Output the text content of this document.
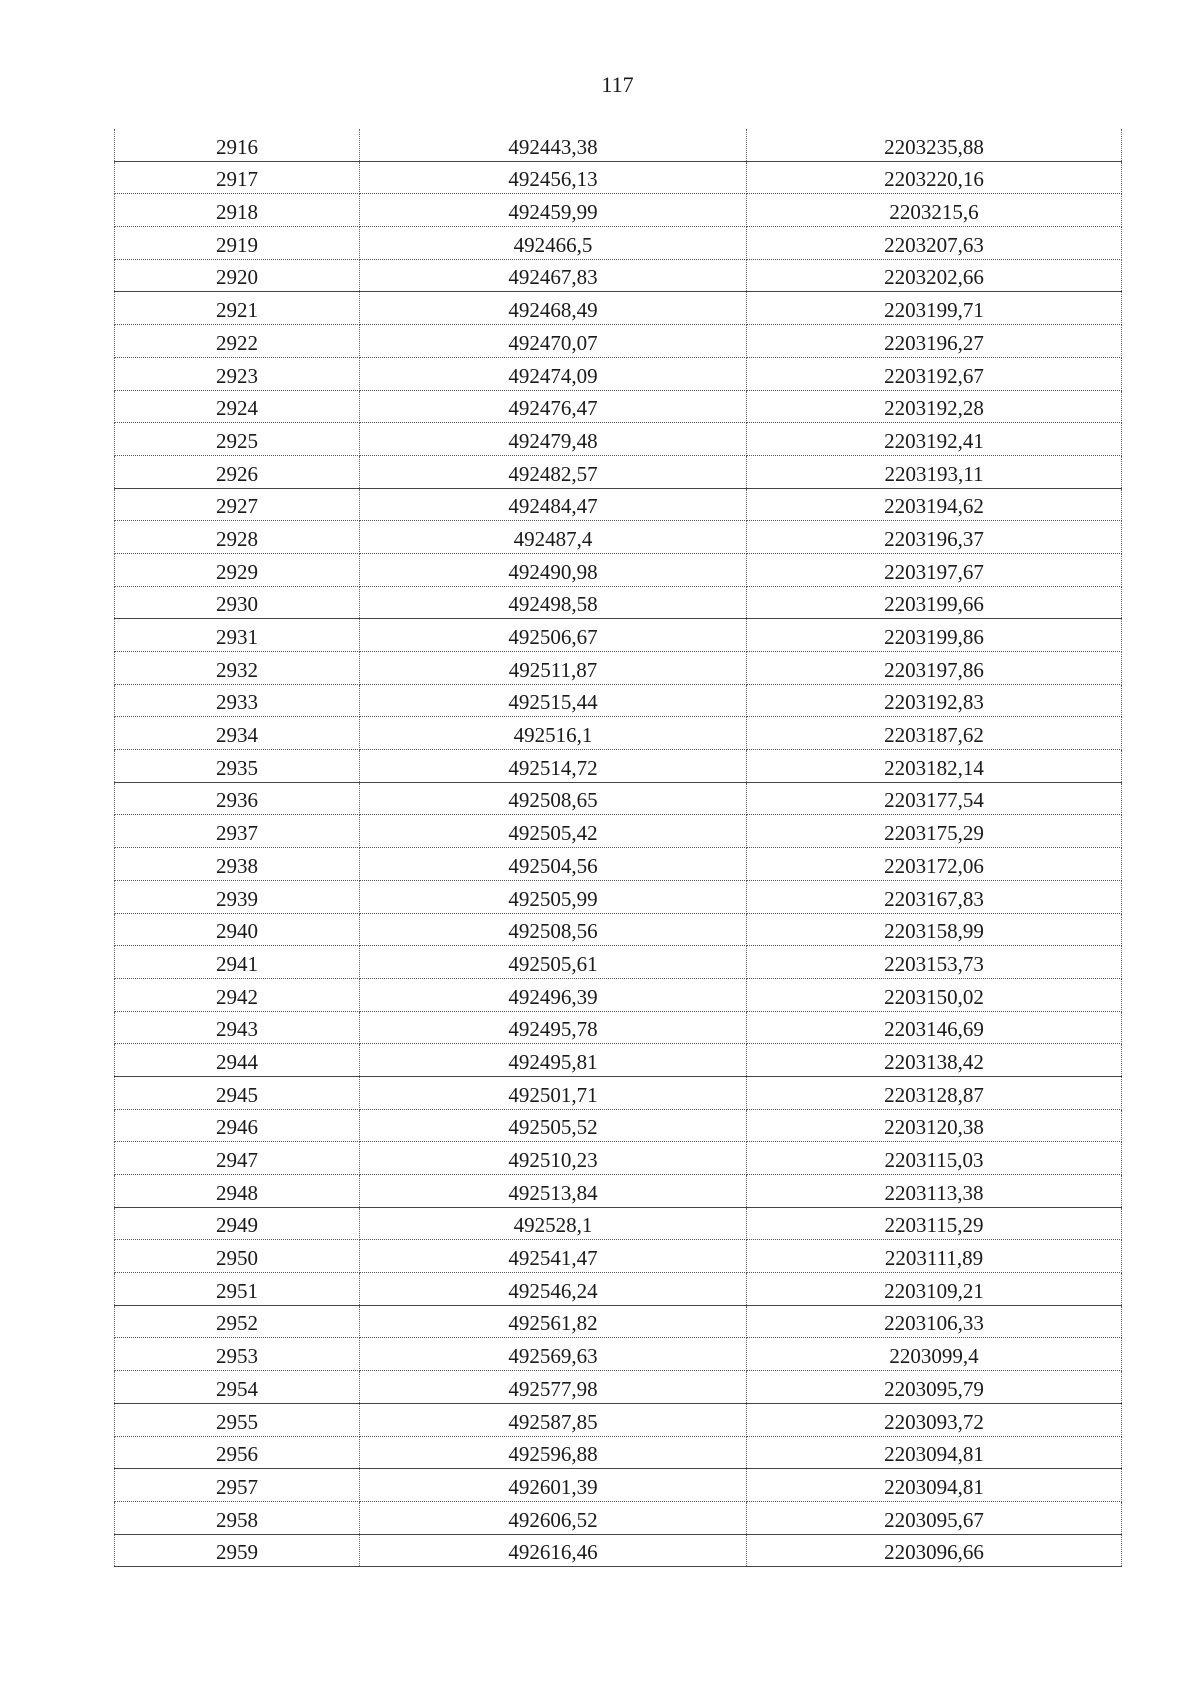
117
2916	492443,38	2203235,88
2917	492456,13	2203220,16
2918	492459,99	2203215,6
2919	492466,5	2203207,63
2920	492467,83	2203202,66
2921	492468,49	2203199,71
2922	492470,07	2203196,27
2923	492474,09	2203192,67
2924	492476,47	2203192,28
2925	492479,48	2203192,41
2926	492482,57	2203193,11
2927	492484,47	2203194,62
2928	492487,4	2203196,37
2929	492490,98	2203197,67
2930	492498,58	2203199,66
2931	492506,67	2203199,86
2932	492511,87	2203197,86
2933	492515,44	2203192,83
2934	492516,1	2203187,62
2935	492514,72	2203182,14
2936	492508,65	2203177,54
2937	492505,42	2203175,29
2938	492504,56	2203172,06
2939	492505,99	2203167,83
2940	492508,56	2203158,99
2941	492505,61	2203153,73
2942	492496,39	2203150,02
2943	492495,78	2203146,69
2944	492495,81	2203138,42
2945	492501,71	2203128,87
2946	492505,52	2203120,38
2947	492510,23	2203115,03
2948	492513,84	2203113,38
2949	492528,1	2203115,29
2950	492541,47	2203111,89
2951	492546,24	2203109,21
2952	492561,82	2203106,33
2953	492569,63	2203099,4
2954	492577,98	2203095,79
2955	492587,85	2203093,72
2956	492596,88	2203094,81
2957	492601,39	2203094,81
2958	492606,52	2203095,67
2959	492616,46	2203096,66
